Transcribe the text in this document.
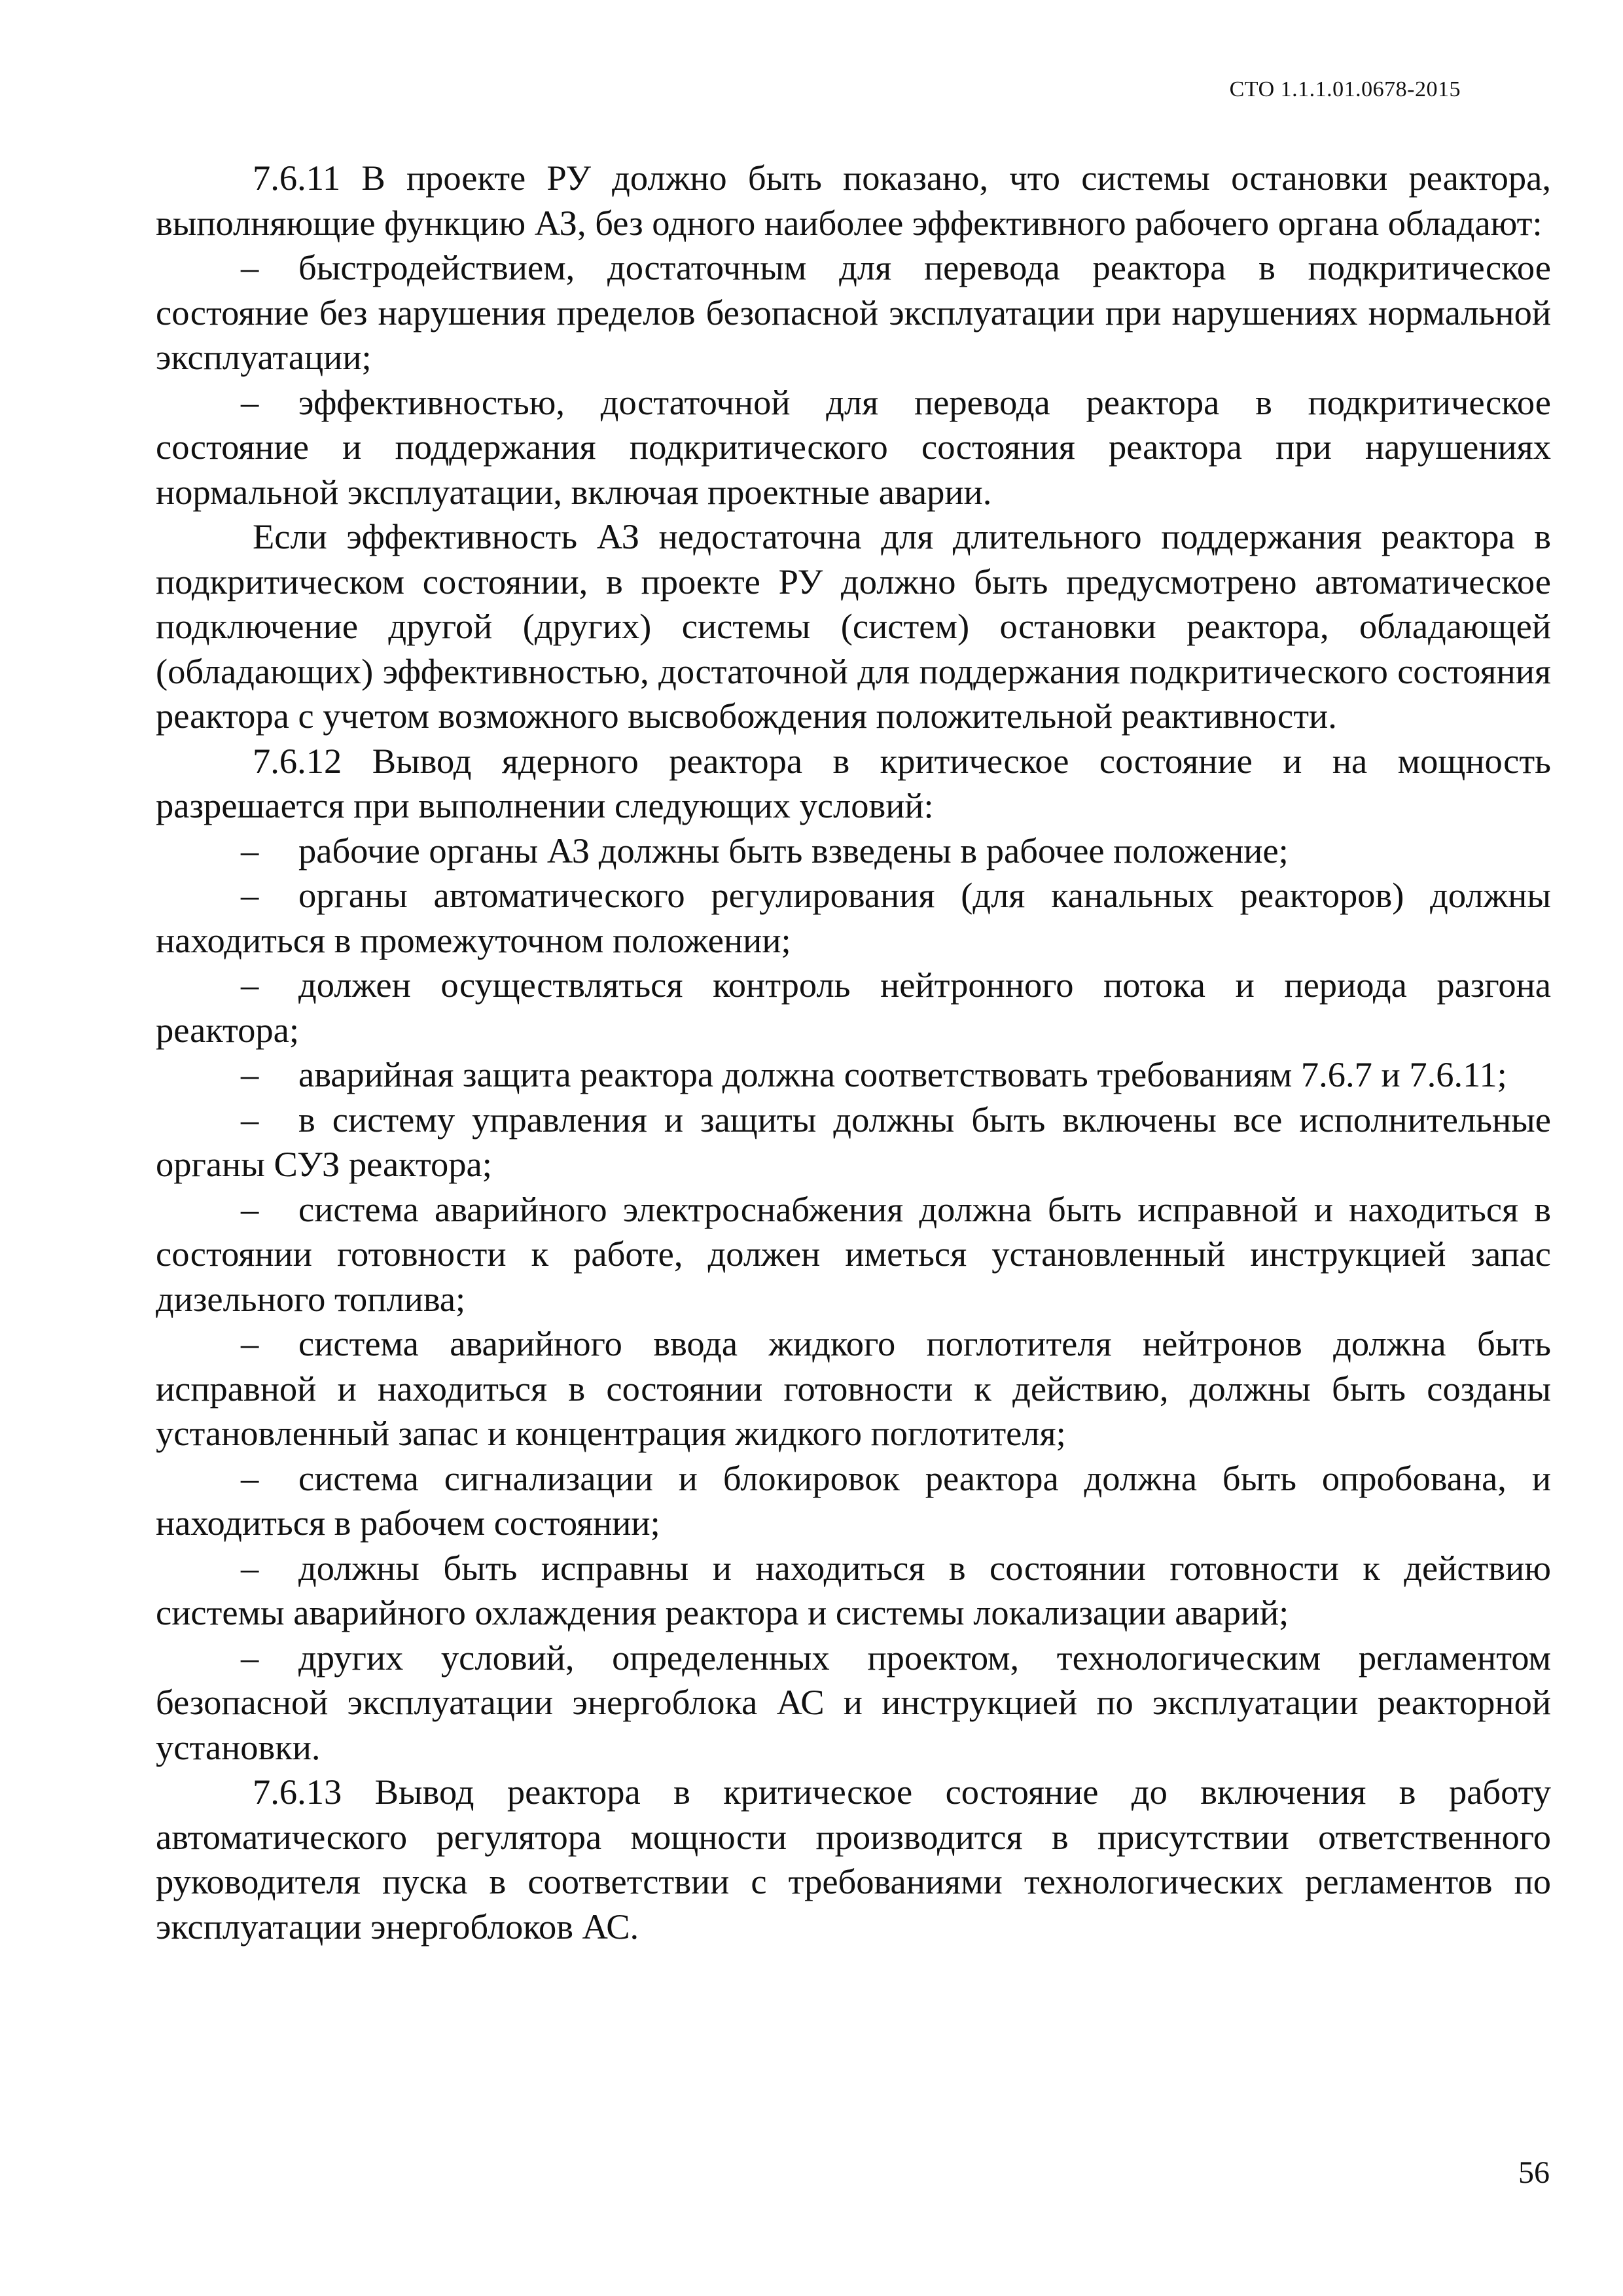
СТО 1.1.1.01.0678-2015

7.6.11 В проекте РУ должно быть показано, что системы остановки реактора, выполняющие функцию АЗ, без одного наиболее эффективного рабочего органа обладают:

– быстродействием, достаточным для перевода реактора в подкритическое состояние без нарушения пределов безопасной эксплуатации при нарушениях нормальной эксплуатации;

– эффективностью, достаточной для перевода реактора в подкритическое состояние и поддержания подкритического состояния реактора при нарушениях нормальной эксплуатации, включая проектные аварии.

Если эффективность АЗ недостаточна для длительного поддержания реактора в подкритическом состоянии, в проекте РУ должно быть предусмотрено автоматическое подключение другой (других) системы (систем) остановки реактора, обладающей (обладающих) эффективностью, достаточной для поддержания подкритического состояния реактора с учетом возможного высвобождения положительной реактивности.

7.6.12 Вывод ядерного реактора в критическое состояние и на мощность разрешается при выполнении следующих условий:

– рабочие органы АЗ должны быть взведены в рабочее положение;

– органы автоматического регулирования (для канальных реакторов) должны находиться в промежуточном положении;

– должен осуществляться контроль нейтронного потока и периода разгона реактора;

– аварийная защита реактора должна соответствовать требованиям 7.6.7 и 7.6.11;

– в систему управления и защиты должны быть включены все исполнительные органы СУЗ реактора;

– система аварийного электроснабжения должна быть исправной и находиться в состоянии готовности к работе, должен иметься установленный инструкцией запас дизельного топлива;

– система аварийного ввода жидкого поглотителя нейтронов должна быть исправной и находиться в состоянии готовности к действию, должны быть созданы установленный запас и концентрация жидкого поглотителя;

– система сигнализации и блокировок реактора должна быть опробована, и находиться в рабочем состоянии;

– должны быть исправны и находиться в состоянии готовности к действию системы аварийного охлаждения реактора и системы локализации аварий;

– других условий, определенных проектом, технологическим регламентом безопасной эксплуатации энергоблока АС и инструкцией по эксплуатации реакторной установки.

7.6.13 Вывод реактора в критическое состояние до включения в работу автоматического регулятора мощности производится в присутствии ответственного руководителя пуска в соответствии с требованиями технологических регламентов по эксплуатации энергоблоков АС.

56
